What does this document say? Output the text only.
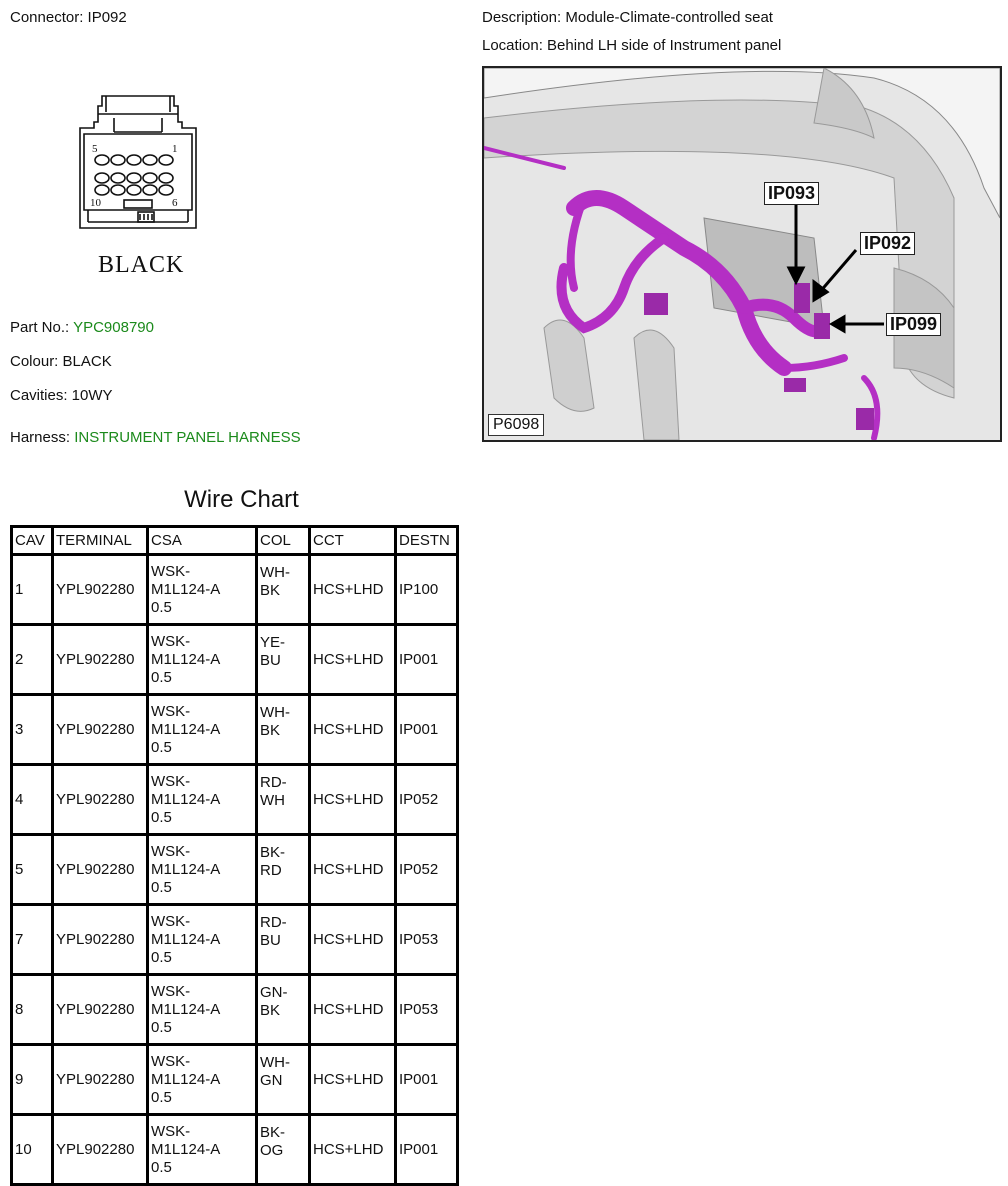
Connector: IP092	Description: Module-Climate-controlled seat
Location: Behind LH side of Instrument panel
5	1
10	6
BLACK
Part No.: YPC908790
Colour: BLACK
Cavities: 10WY
Harness: INSTRUMENT PANEL HARNESS
IP093
IP092
IP099
P6098
Wire Chart
CAV	TERMINAL	CSA	COL	CCT	DESTN
1	YPL902280	WSK-
M1L124-A
0.5	WH-
BK	HCS+LHD	IP100
2	YPL902280	WSK-
M1L124-A
0.5	YE-
BU	HCS+LHD	IP001
3	YPL902280	WSK-
M1L124-A
0.5	WH-
BK	HCS+LHD	IP001
4	YPL902280	WSK-
M1L124-A
0.5	RD-
WH	HCS+LHD	IP052
5	YPL902280	WSK-
M1L124-A
0.5	BK-
RD	HCS+LHD	IP052
7	YPL902280	WSK-
M1L124-A
0.5	RD-
BU	HCS+LHD	IP053
8	YPL902280	WSK-
M1L124-A
0.5	GN-
BK	HCS+LHD	IP053
9	YPL902280	WSK-
M1L124-A
0.5	WH-
GN	HCS+LHD	IP001
10	YPL902280	WSK-
M1L124-A
0.5	BK-
OG	HCS+LHD	IP001
